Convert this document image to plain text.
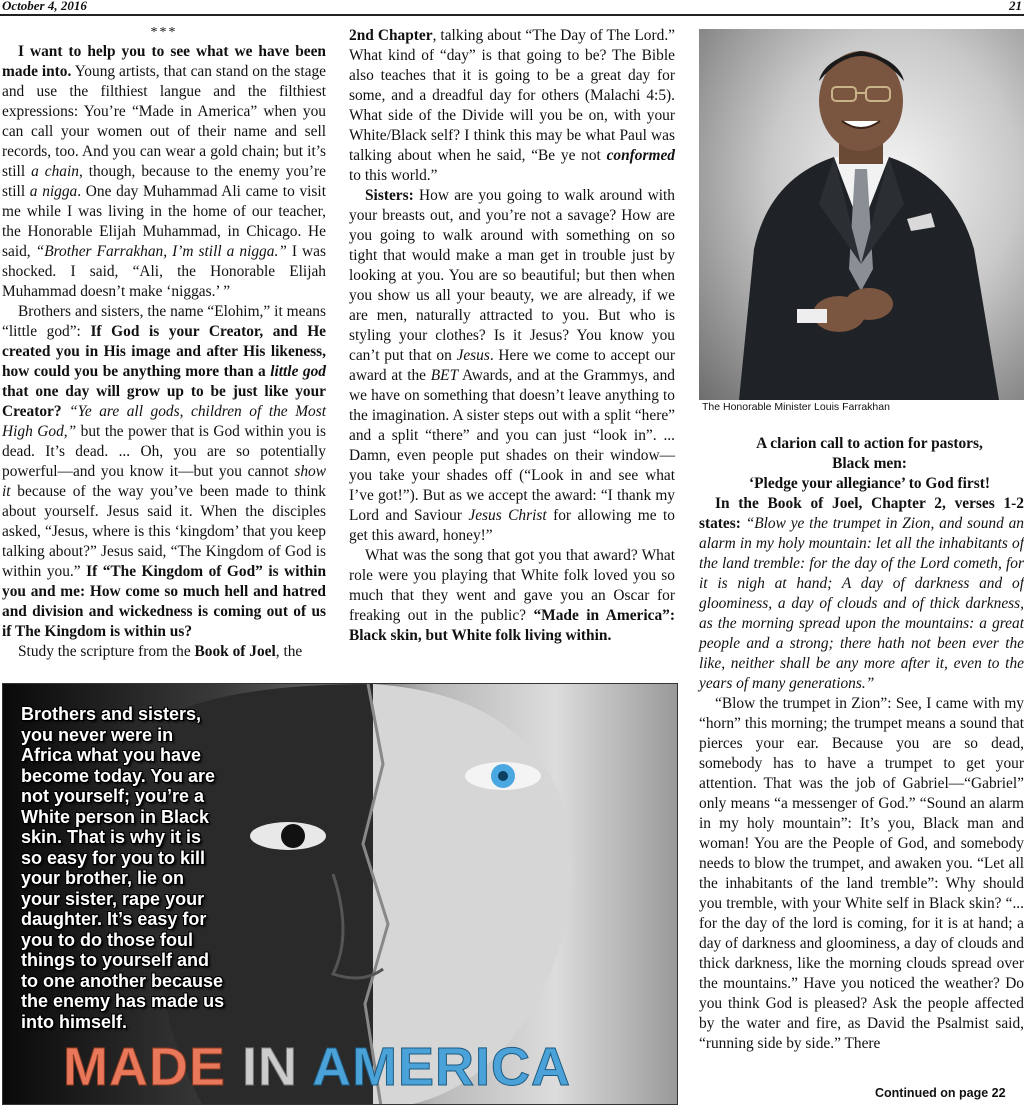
October 4, 2016	21
***

I want to help you to see what we have been made into. Young artists, that can stand on the stage and use the filthiest langue and the filthiest expressions: You’re “Made in America” when you can call your women out of their name and sell records, too. And you can wear a gold chain; but it’s still a chain, though, because to the enemy you’re still a nigga. One day Muhammad Ali came to visit me while I was living in the home of our teacher, the Honorable Elijah Muhammad, in Chicago. He said, “Brother Farrakhan, I’m still a nigga.” I was shocked. I said, “Ali, the Honorable Elijah Muhammad doesn’t make ‘niggas.’ ”

Brothers and sisters, the name “Elohim,” it means “little god”: If God is your Creator, and He created you in His image and after His likeness, how could you be anything more than a little god that one day will grow up to be just like your Creator? “Ye are all gods, children of the Most High God,” but the power that is God within you is dead. It’s dead. ... Oh, you are so potentially powerful—and you know it—but you cannot show it because of the way you’ve been made to think about yourself. Jesus said it. When the disciples asked, “Jesus, where is this ‘kingdom’ that you keep talking about?” Jesus said, “The Kingdom of God is within you.” If “The Kingdom of God” is within you and me: How come so much hell and hatred and division and wickedness is coming out of us if The Kingdom is within us?

Study the scripture from the Book of Joel, the

2nd Chapter, talking about “The Day of The Lord.” What kind of “day” is that going to be? The Bible also teaches that it is going to be a great day for some, and a dreadful day for others (Malachi 4:5). What side of the Divide will you be on, with your White/Black self? I think this may be what Paul was talking about when he said, “Be ye not conformed to this world.”

Sisters: How are you going to walk around with your breasts out, and you’re not a savage? How are you going to walk around with something on so tight that would make a man get in trouble just by looking at you. You are so beautiful; but then when you show us all your beauty, we are already, if we are men, naturally attracted to you. But who is styling your clothes? Is it Jesus? You know you can’t put that on Jesus. Here we come to accept our award at the BET Awards, and at the Grammys, and we have on something that doesn’t leave anything to the imagination. A sister steps out with a split “here” and a split “there” and you can just “look in”. ... Damn, even people put shades on their window—you take your shades off (“Look in and see what I’ve got!”). But as we accept the award: “I thank my Lord and Saviour Jesus Christ for allowing me to get this award, honey!”

What was the song that got you that award? What role were you playing that White folk loved you so much that they went and gave you an Oscar for freaking out in the public? “Made in America”: Black skin, but White folk living within.

The Honorable Minister Louis Farrakhan

A clarion call to action for pastors,

Black men:

‘Pledge your allegiance’ to God first!

In the Book of Joel, Chapter 2, verses 1-2 states: “Blow ye the trumpet in Zion, and sound an alarm in my holy mountain: let all the inhabitants of the land tremble: for the day of the Lord cometh, for it is nigh at hand; A day of darkness and of gloominess, a day of clouds and of thick darkness, as the morning spread upon the mountains: a great people and a strong; there hath not been ever the like, neither shall be any more after it, even to the years of many generations.”

“Blow the trumpet in Zion”: See, I came with my “horn” this morning; the trumpet means a sound that pierces your ear. Because you are so dead, somebody has to have a trumpet to get your attention. That was the job of Gabriel—“Gabriel” only means “a messenger of God.” “Sound an alarm in my holy mountain”: It’s you, Black man and woman! You are the People of God, and somebody needs to blow the trumpet, and awaken you. “Let all the inhabitants of the land tremble”: Why should you tremble, with your White self in Black skin? “... for the day of the lord is coming, for it is at hand; a day of darkness and gloominess, a day of clouds and thick darkness, like the morning clouds spread over the mountains.” Have you noticed the weather? Do you think God is pleased? Ask the people affected by the water and fire, as David the Psalmist said, “running side by side.” There

Brothers and sisters, you never were in Africa what you have become today. You are not yourself; you’re a White person in Black skin. That is why it is so easy for you to kill your brother, lie on your sister, rape your daughter. It’s easy for you to do those foul things to yourself and to one another because the enemy has made us into himself.
MADE IN AMERICA	Continued on page 22
